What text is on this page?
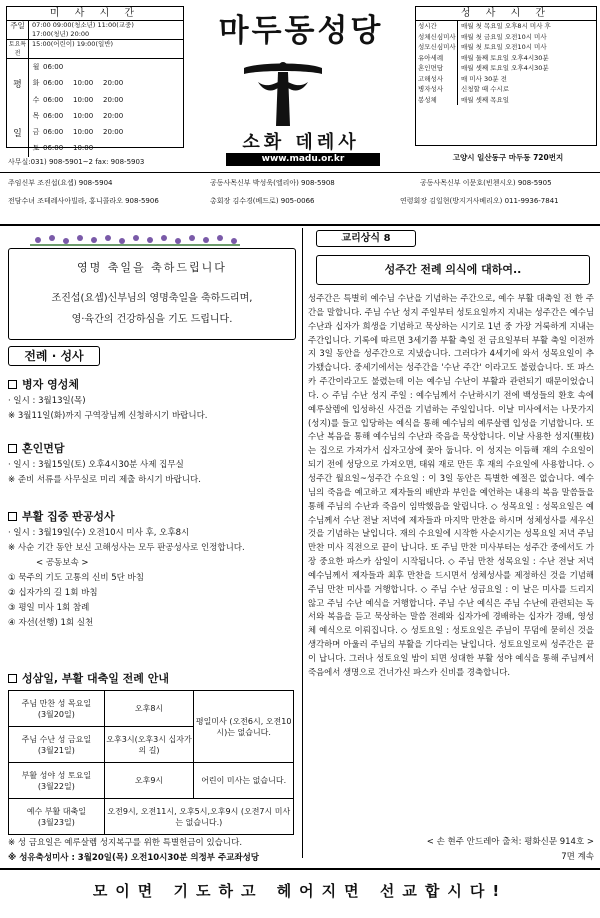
미 사 시 간
주일	07:00 09:00(청소년) 11:00(교중)
17:00(청년) 20:00
토요특전
15:00(어린이) 19:00(일반)
평
일
월 06:00
화 06:00	10:00	20:00
수 06:00	10:00	20:00
목 06:00	10:00	20:00
금 06:00	10:00	20:00
토 06:00	10:00
마두동성당
소화 데레사
www.madu.or.kr
성 사 시 간
성시간	매월 첫 목요일 오후8시 미사 후
성체신심미사 매월 첫 금요일 오전10시 미사
성모신심미사 매월 첫 토요일 오전10시 미사
유아세례	매월 둘째 토요일 오후4시30분
혼인면담	매월 셋째 토요일 오후4시30분
고해성사	매 미사 30분 전
병자성사	신청할 때 수시로
봉성체	매월 셋째 목요일
고양시 일산동구 마두동 720번지
사무실:031) 908-5901~2 fax: 908-5903
주임신부 조진섭(요셉) 908-5904	공동사목신부 박성욱(엘리아) 908-5908	공동사목신부 이문호(빈첸시오) 908-5905
전담수녀 조테레사아빌라, 홍니콜라오 908-5906	총회장 김수경(베드로) 905-0066	연령회장 김일현(방지거사베리오) 011-9936-7841
영명 축일을 축하드립니다
조진섭(요셉)신부님의 영명축일을 축하드리며,
영·육간의 건강하심을 기도 드립니다.
전례 · 성사
병자 영성체
· 일시 : 3월13일(목)
※ 3월11일(화)까지 구역장님께 신청하시기 바랍니다.
혼인면담
· 일시 : 3월15일(토) 오후4시30분 사제 집무실
※ 준비 서류를 사무실로 미리 제출 하시기 바랍니다.
부활 집중 판공성사
· 일시 : 3월19일(수) 오전10시 미사 후, 오후8시
※ 사순 기간 동안 보신 고해성사는 모두 판공성사로 인정합니다.
< 공동보속 >
① 묵주의 기도 고통의 신비 5단 바침
② 십자가의 길 1회 바침
③ 평일 미사 1회 참례
④ 자선(선행) 1회 실천
성삼일, 부활 대축일 전례 안내
주님 만찬 성 목요일
(3월20일)	오후8시	평일미사 (오전6시, 오전10시)는 없습니다.

주님 수난 성 금요일
(3월21일)	오후3시(오후3시 십자가의 길)	

부활 성야 성 토요일
(3월22일)	오후9시	어린이 미사는 없습니다.

예수 부활 대축일
(3월23일)	오전9시, 오전11시, 오후5시,오후9시 (오전7시 미사는 없습니다.)	
※ 성 금요일은 예루살렘 성지복구를 위한 특별헌금이 있습니다.
※ 성유축성미사 : 3월20일(목) 오전10시30분 의정부 주교좌성당
교리상식 8
성주간 전례 의식에 대하여..
성주간은 특별히 예수님 수난을 기념하는 주간으로, 예수 부활 대축일 전 한 주간을 말합니다. 주님 수난 성지 주일부터 성토요일까지 지내는 성주간은 예수님 수난과 십자가 희생을 기념하고 묵상하는 시기로 1년 중 가장 거룩하게 지내는 주간입니다. 기록에 따르면 3세기쯤 부활 축일 전 금요일부터 부활 축일 이전까지 3일 동안을 성주간으로 지냈습니다. 그러다가 4세기에 와서 성목요일이 추가됐습니다. 중세기에서는 성주간을 '수난 주간' 이라고도 불렀습니다. 또 파스카 주간이라고도 불렸는데 이는 예수님 수난이 부활과 관련되기 때문이었습니다. ◇ 주님 수난 성지 주일 : 예수님께서 수난하시기 전에 백성들의 환호 속에 예루살렘에 입성하신 사건을 기념하는 주일입니다. 이날 미사에서는 나뭇가지(성지)를 들고 입당하는 예식을 통해 예수님의 예루살렘 입성을 기념합니다. 또 수난 복음을 통해 예수님의 수난과 죽음을 묵상합니다. 이날 사용한 성지(聖枝)는 집으로 가져가서 십자고상에 꽂아 둡니다. 이 성지는 이듬해 재의 수요일이 되기 전에 성당으로 가져오면, 태워 재로 만든 후 재의 수요일에 사용합니다. ◇ 성주간 월요일~성주간 수요일 : 이 3일 동안은 특별한 예절은 없습니다. 예수님의 죽음을 예고하고 제자들의 배반과 부인을 예언하는 내용의 복음 말씀들을 통해 주님의 수난과 죽음이 임박했음을 알립니다. ◇ 성목요일 : 성목요일은 예수님께서 수난 전날 저녁에 제자들과 마지막 만찬을 하시며 성체성사를 세우신 것을 기념하는 날입니다. 재의 수요일에 시작한 사순시기는 성목요일 저녁 주님 만찬 미사 직전으로 끝이 납니다. 또 주님 만찬 미사부터는 성주간 중에서도 가장 중요한 파스카 삼일이 시작됩니다. ◇ 주님 만찬 성목요일 : 수난 전날 저녁 예수님께서 제자들과 최후 만찬을 드시면서 성체성사를 제정하신 것을 기념해 주님 만찬 미사를 거행합니다. ◇ 주님 수난 성금요일 : 이 날은 미사를 드리지 않고 주님 수난 예식을 거행합니다. 주님 수난 예식은 주님 수난에 관련되는 독서와 복음을 듣고 묵상하는 말씀 전례와 십자가에 경배하는 십자가 경배, 영성체 예식으로 이뤄집니다. ◇ 성토요일 : 성토요일은 주님이 무덤에 묻히신 것을 생각하며 아울러 주님의 부활을 기다리는 날입니다. 성토요일로써 성주간은 끝이 납니다. 그러나 성토요일 밤이 되면 성대한 부활 성야 예식을 통해 주님께서 죽음에서 생명으로 건너가신 파스카 신비를 경축합니다.
< 손 현주 안드레아 출처: 평화신문 914호 >
7면 계속
모이면 기도하고 헤어지면 선교합시다!
